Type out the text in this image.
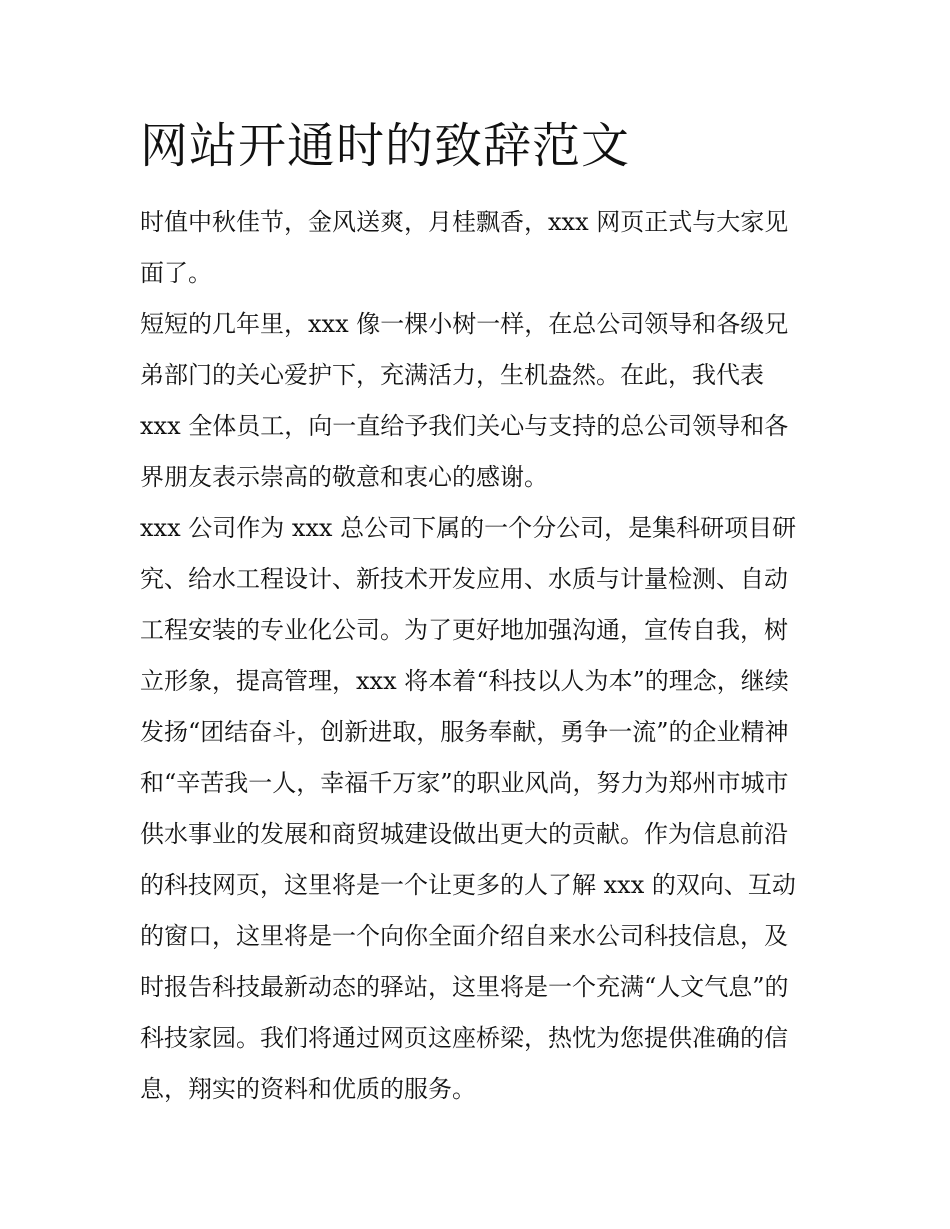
网站开通时的致辞范文

时值中秋佳节，金风送爽，月桂飘香，xxx 网页正式与大家见

面了。

短短的几年里，xxx 像一棵小树一样，在总公司领导和各级兄

弟部门的关心爱护下，充满活力，生机盎然。在此，我代表

xxx 全体员工，向一直给予我们关心与支持的总公司领导和各

界朋友表示崇高的敬意和衷心的感谢。

xxx 公司作为 xxx 总公司下属的一个分公司，是集科研项目研

究、给水工程设计、新技术开发应用、水质与计量检测、自动

工程安装的专业化公司。为了更好地加强沟通，宣传自我，树

立形象，提高管理，xxx 将本着“科技以人为本”的理念，继续

发扬“团结奋斗，创新进取，服务奉献，勇争一流”的企业精神

和“辛苦我一人，幸福千万家”的职业风尚，努力为郑州市城市

供水事业的发展和商贸城建设做出更大的贡献。作为信息前沿

的科技网页，这里将是一个让更多的人了解 xxx 的双向、互动

的窗口，这里将是一个向你全面介绍自来水公司科技信息，及

时报告科技最新动态的驿站，这里将是一个充满“人文气息”的

科技家园。我们将通过网页这座桥梁，热忱为您提供准确的信

息，翔实的资料和优质的服务。
